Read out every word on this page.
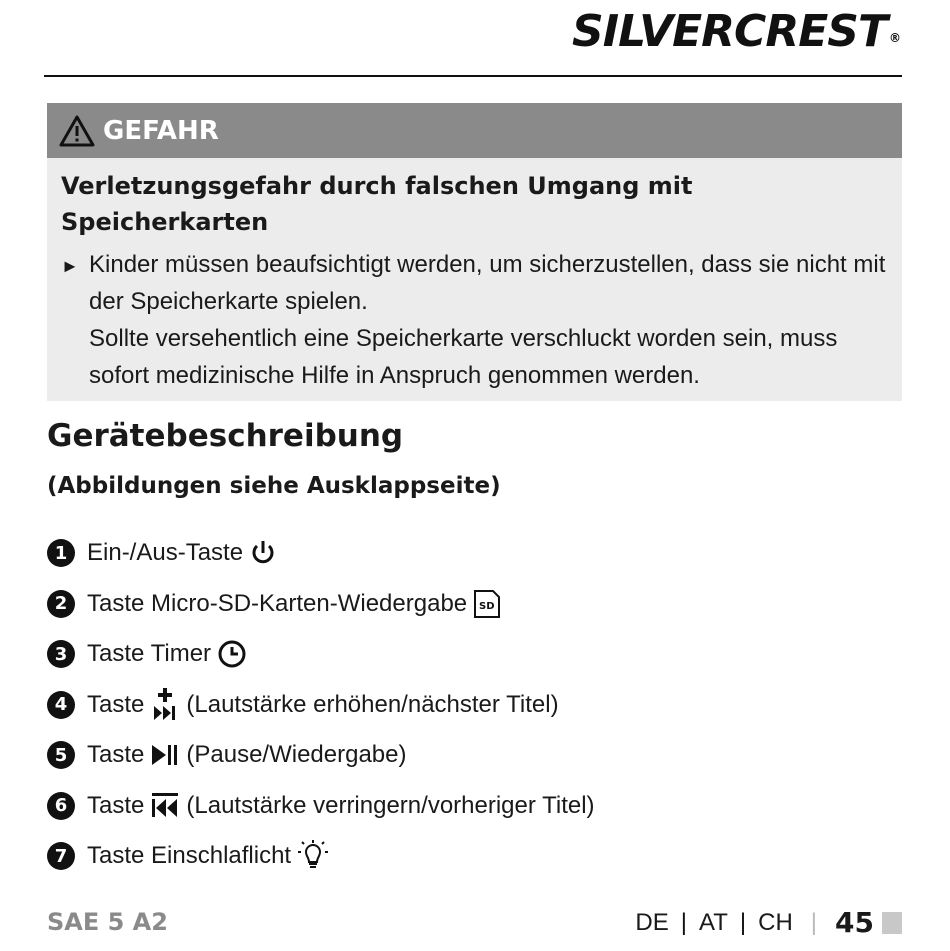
SILVERCREST ®
GEFAHR
Verletzungsgefahr durch falschen Umgang mit Speicherkarten
► Kinder müssen beaufsichtigt werden, um sicherzustellen, dass sie nicht mit der Speicherkarte spielen.
Sollte versehentlich eine Speicherkarte verschluckt worden sein, muss sofort medizinische Hilfe in Anspruch genommen werden.
Gerätebeschreibung
(Abbildungen siehe Ausklappseite)
1 Ein-/Aus-Taste
2 Taste Micro-SD-Karten-Wiedergabe SD
3 Taste Timer
4 Taste (Lautstärke erhöhen/nächster Titel)
5 Taste (Pause/Wiedergabe)
6 Taste (Lautstärke verringern/vorheriger Titel)
7 Taste Einschlaflicht
SAE 5 A2	DE | AT | CH | 45
